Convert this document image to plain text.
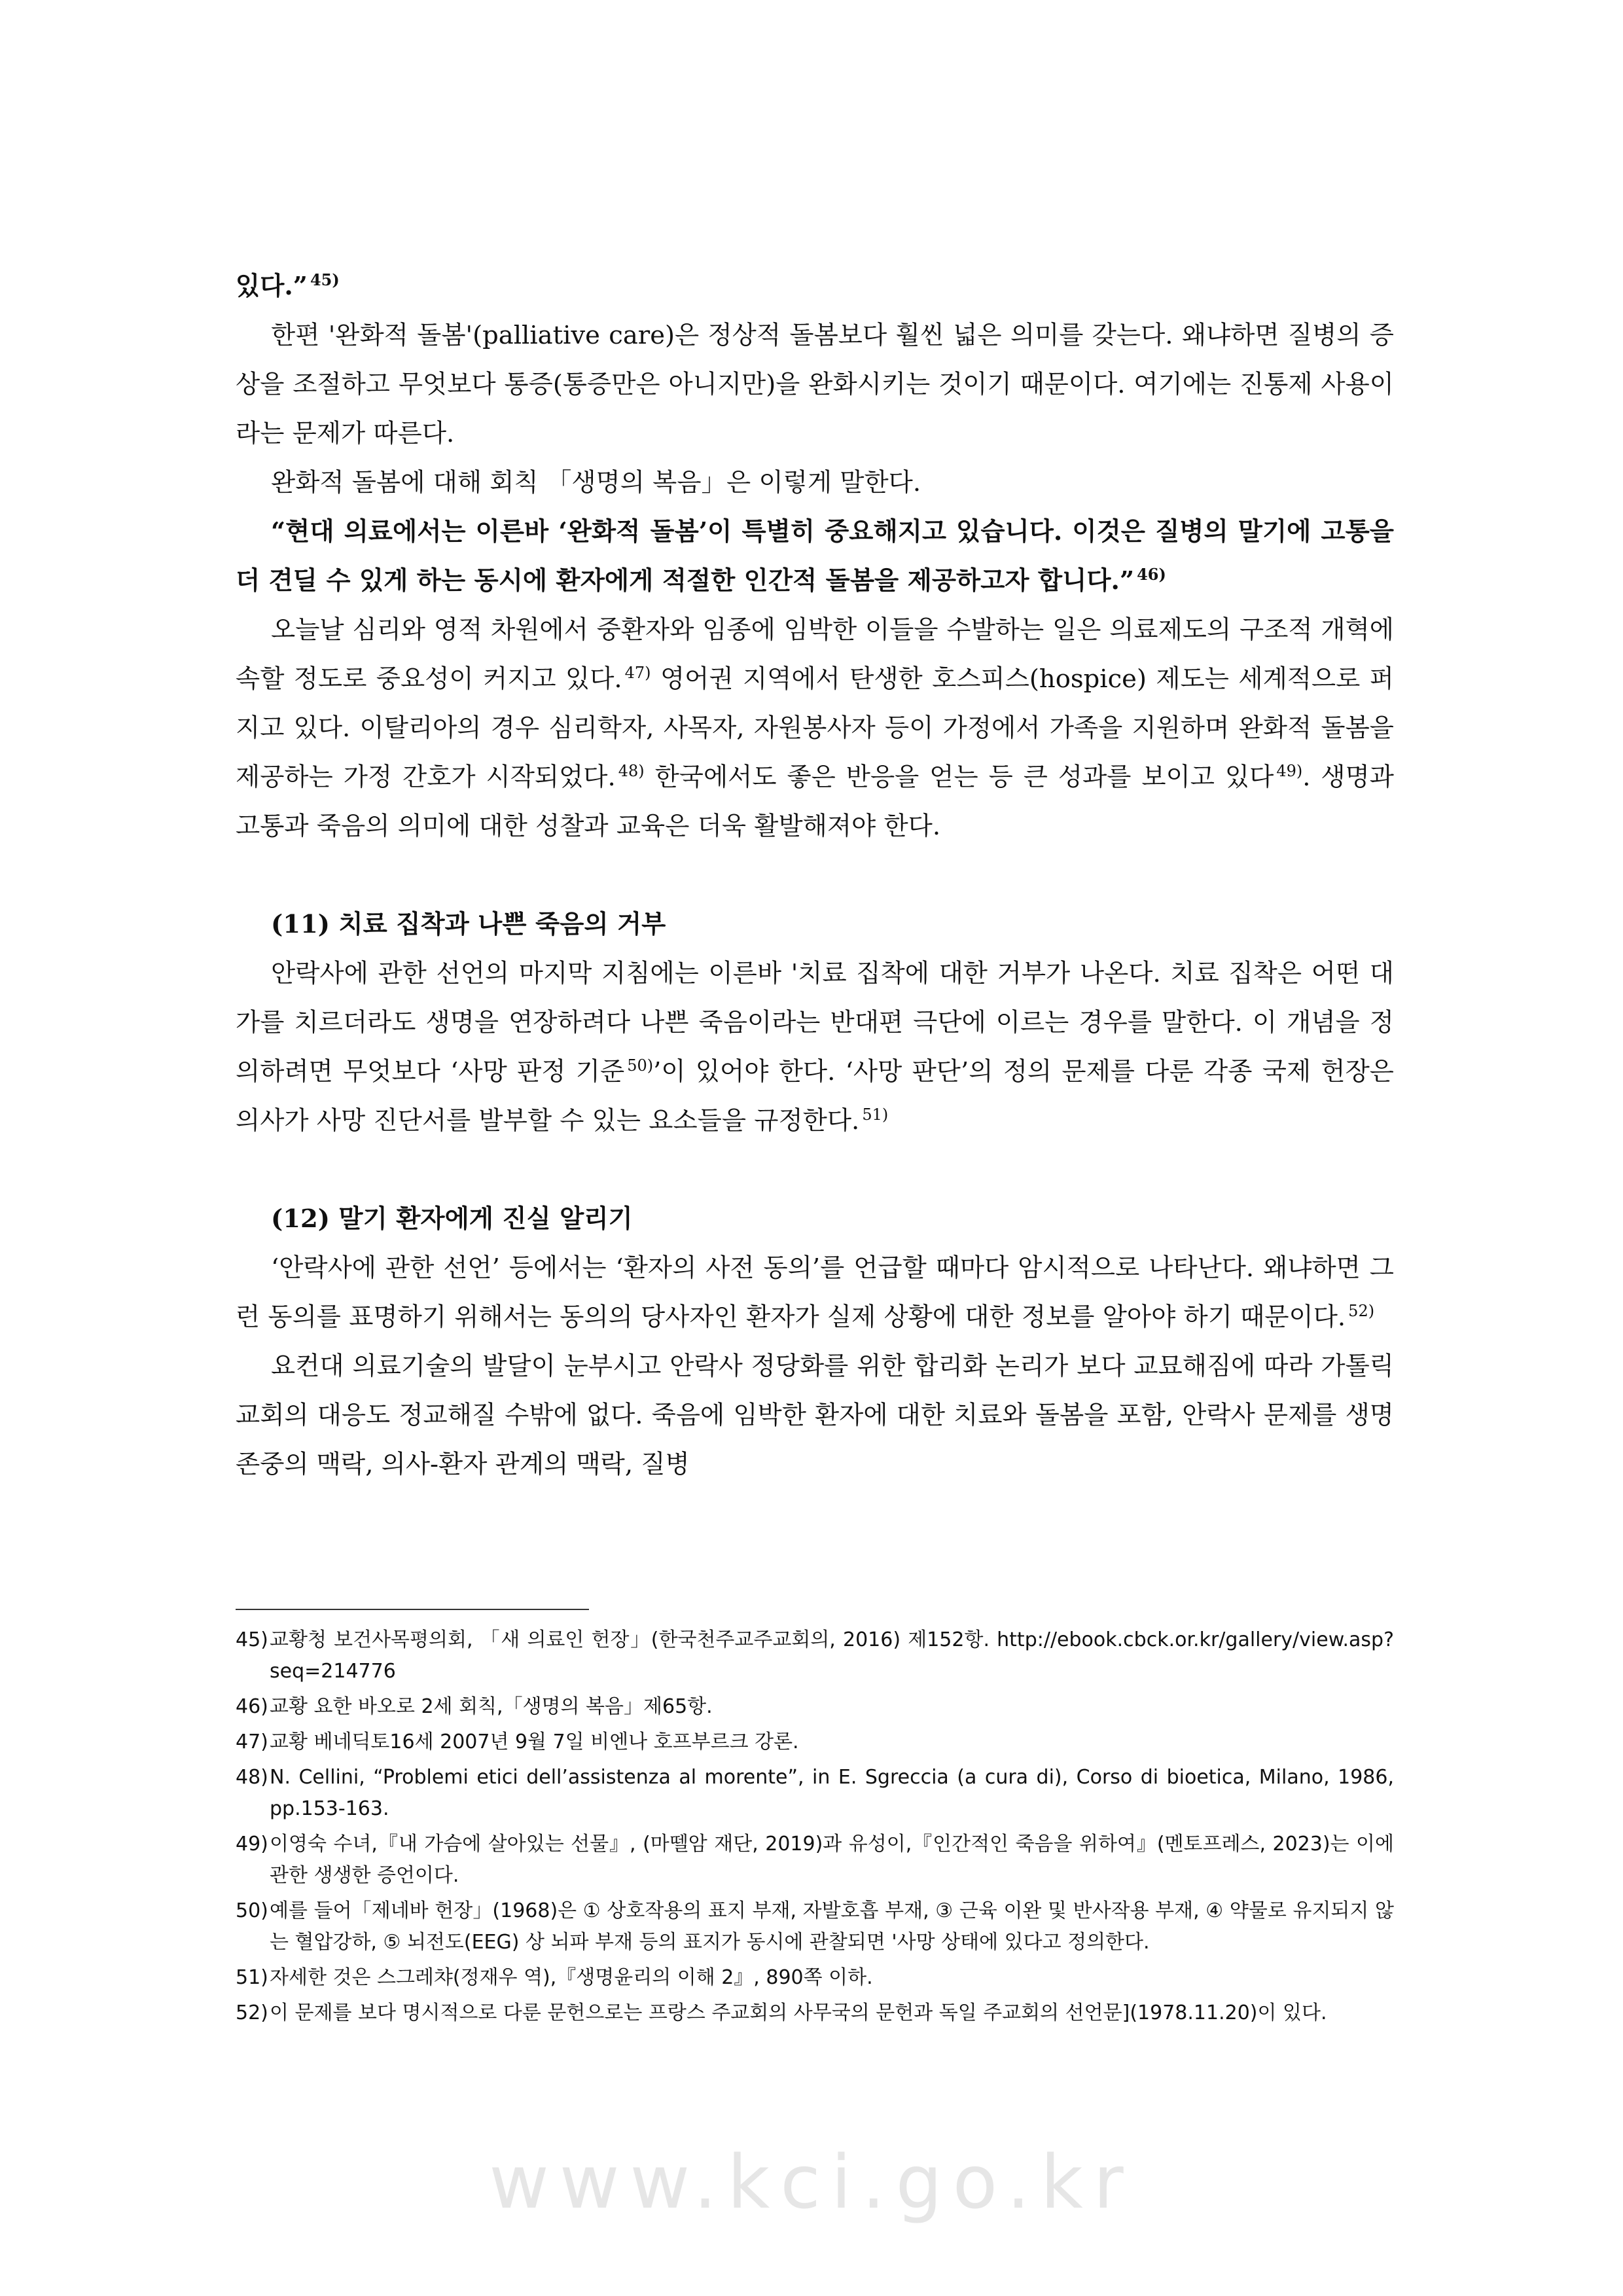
있다.” $^{45)}$

한편 '완화적 돌봄'(palliative care)은 정상적 돌봄보다 훨씬 넓은 의미를 갖는다. 왜냐하면 질병의 증상을 조절하고 무엇보다 통증(통증만은 아니지만)을 완화시키는 것이기 때문이다. 여기에는 진통제 사용이라는 문제가 따른다.

완화적 돌봄에 대해 회칙 「생명의 복음」은 이렇게 말한다.

“현대 의료에서는 이른바 ‘완화적 돌봄’이 특별히 중요해지고 있습니다. 이것은 질병의 말기에 고통을 더 견딜 수 있게 하는 동시에 환자에게 적절한 인간적 돌봄을 제공하고자 합니다.” $^{46)}$

오늘날 심리와 영적 차원에서 중환자와 임종에 임박한 이들을 수발하는 일은 의료제도의 구조적 개혁에 속할 정도로 중요성이 커지고 있다. $^{47)}$ 영어권 지역에서 탄생한 호스피스(hospice) 제도는 세계적으로 퍼지고 있다. 이탈리아의 경우 심리학자, 사목자, 자원봉사자 등이 가정에서 가족을 지원하며 완화적 돌봄을 제공하는 가정 간호가 시작되었다. $^{48)}$ 한국에서도 좋은 반응을 얻는 등 큰 성과를 보이고 있다 $^{49)}$. 생명과 고통과 죽음의 의미에 대한 성찰과 교육은 더욱 활발해져야 한다.

(11) 치료 집착과 나쁜 죽음의 거부

안락사에 관한 선언의 마지막 지침에는 이른바 '치료 집착에 대한 거부가 나온다. 치료 집착은 어떤 대가를 치르더라도 생명을 연장하려다 나쁜 죽음이라는 반대편 극단에 이르는 경우를 말한다. 이 개념을 정의하려면 무엇보다 ‘사망 판정 기준 $^{50)}$’이 있어야 한다. ‘사망 판단’의 정의 문제를 다룬 각종 국제 헌장은 의사가 사망 진단서를 발부할 수 있는 요소들을 규정한다. $^{51)}$

(12) 말기 환자에게 진실 알리기

‘안락사에 관한 선언’ 등에서는 ‘환자의 사전 동의’를 언급할 때마다 암시적으로 나타난다. 왜냐하면 그런 동의를 표명하기 위해서는 동의의 당사자인 환자가 실제 상황에 대한 정보를 알아야 하기 때문이다. $^{52)}$

요컨대 의료기술의 발달이 눈부시고 안락사 정당화를 위한 합리화 논리가 보다 교묘해짐에 따라 가톨릭교회의 대응도 정교해질 수밖에 없다. 죽음에 임박한 환자에 대한 치료와 돌봄을 포함, 안락사 문제를 생명 존중의 맥락, 의사-환자 관계의 맥락, 질병

45)교황청 보건사목평의회, 「새 의료인 헌장」(한국천주교주교회의, 2016) 제152항. http://ebook.cbck.or.kr/gallery/view.asp?seq=214776

46)교황 요한 바오로 2세 회칙,「생명의 복음」제65항.

47)교황 베네딕토16세 2007년 9월 7일 비엔나 호프부르크 강론.

48)N. Cellini, “Problemi etici dell’assistenza al morente”, in E. Sgreccia (a cura di), Corso di bioetica, Milano, 1986, pp.153-163.

49)이영숙 수녀,『내 가슴에 살아있는 선물』, (마뗄암 재단, 2019)과 유성이,『인간적인 죽음을 위하여』(멘토프레스, 2023)는 이에 관한 생생한 증언이다.

50)예를 들어「제네바 헌장」(1968)은 ① 상호작용의 표지 부재, 자발호흡 부재, ③ 근육 이완 및 반사작용 부재, ④ 약물로 유지되지 않는 혈압강하, ⑤ 뇌전도(EEG) 상 뇌파 부재 등의 표지가 동시에 관찰되면 '사망 상태에 있다고 정의한다.

51)자세한 것은 스그레챠(정재우 역),『생명윤리의 이해 2』, 890쪽 이하.

52)이 문제를 보다 명시적으로 다룬 문헌으로는 프랑스 주교회의 사무국의 문헌과 독일 주교회의 선언문](1978.11.20)이 있다.

www.kci.go.kr
